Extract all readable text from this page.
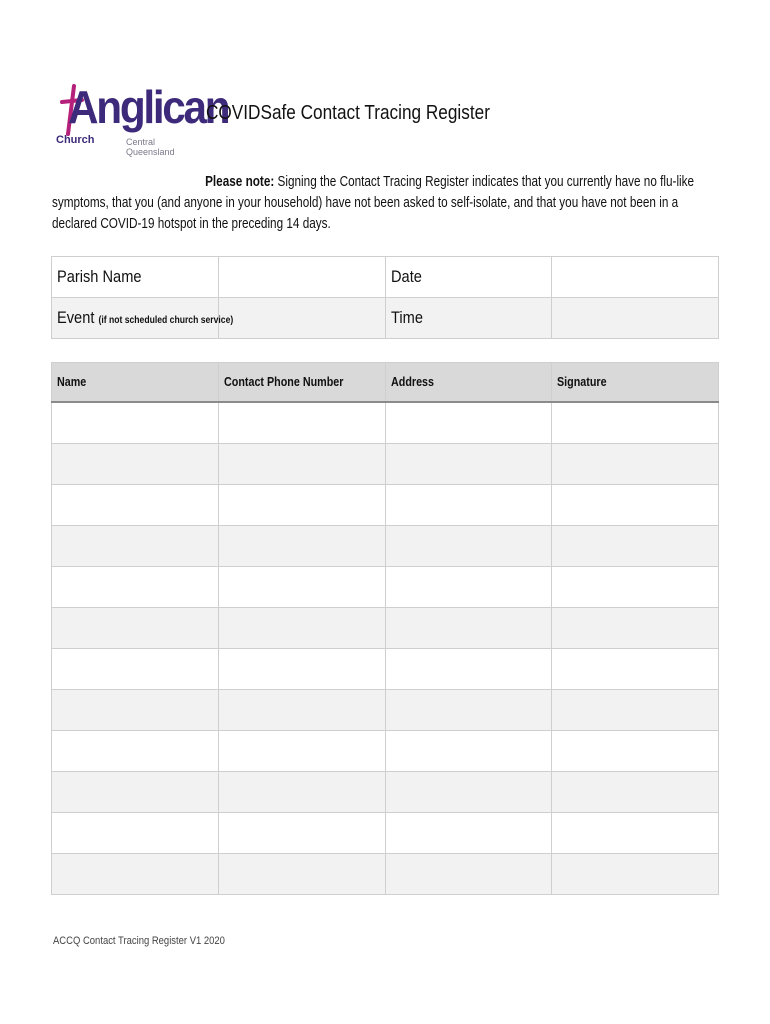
Anglican
Church	Central Queensland
COVIDSafe Contact Tracing Register
Please note: Signing the Contact Tracing Register indicates that you currently have no flu-like symptoms, that you (and anyone in your household) have not been asked to self-isolate, and that you have not been in a declared COVID-19 hotspot in the preceding 14 days.
Parish Name		Date	
Event (if not scheduled church service)		Time	
Name	Contact Phone Number	Address	Signature

ACCQ Contact Tracing Register V1 2020
